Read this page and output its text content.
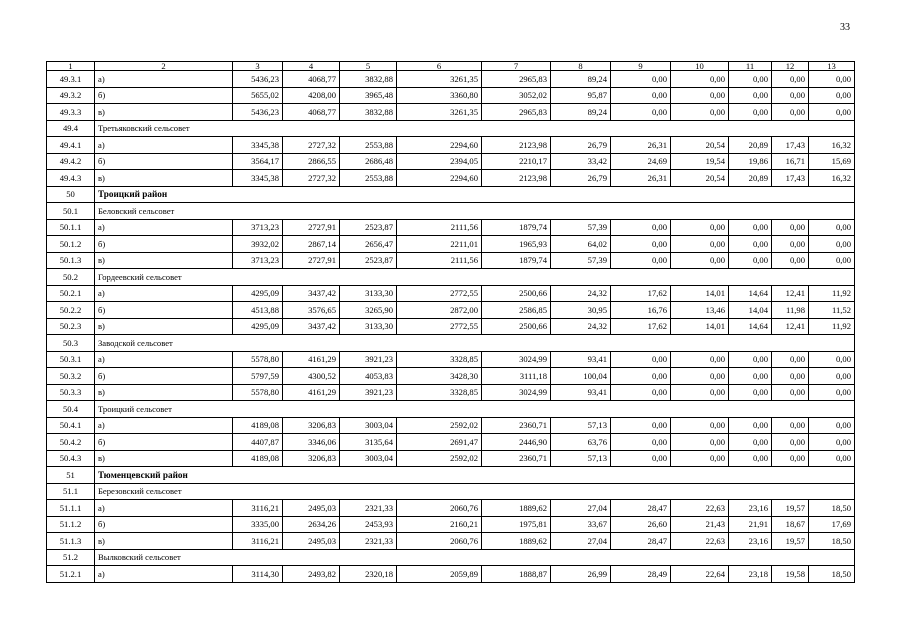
33
1	2	3	4	5	6	7	8	9	10	11	12	13
49.3.1	а)	5436,23	4068,77	3832,88	3261,35	2965,83	89,24	0,00	0,00	0,00	0,00	0,00
49.3.2	б)	5655,02	4208,00	3965,48	3360,80	3052,02	95,87	0,00	0,00	0,00	0,00	0,00
49.3.3	в)	5436,23	4068,77	3832,88	3261,35	2965,83	89,24	0,00	0,00	0,00	0,00	0,00
49.4	Третьяковский сельсовет											
49.4.1	а)	3345,38	2727,32	2553,88	2294,60	2123,98	26,79	26,31	20,54	20,89	17,43	16,32
49.4.2	б)	3564,17	2866,55	2686,48	2394,05	2210,17	33,42	24,69	19,54	19,86	16,71	15,69
49.4.3	в)	3345,38	2727,32	2553,88	2294,60	2123,98	26,79	26,31	20,54	20,89	17,43	16,32
50	Троицкий район											
50.1	Беловский сельсовет											
50.1.1	а)	3713,23	2727,91	2523,87	2111,56	1879,74	57,39	0,00	0,00	0,00	0,00	0,00
50.1.2	б)	3932,02	2867,14	2656,47	2211,01	1965,93	64,02	0,00	0,00	0,00	0,00	0,00
50.1.3	в)	3713,23	2727,91	2523,87	2111,56	1879,74	57,39	0,00	0,00	0,00	0,00	0,00
50.2	Гордеевский сельсовет											
50.2.1	а)	4295,09	3437,42	3133,30	2772,55	2500,66	24,32	17,62	14,01	14,64	12,41	11,92
50.2.2	б)	4513,88	3576,65	3265,90	2872,00	2586,85	30,95	16,76	13,46	14,04	11,98	11,52
50.2.3	в)	4295,09	3437,42	3133,30	2772,55	2500,66	24,32	17,62	14,01	14,64	12,41	11,92
50.3	Заводской сельсовет											
50.3.1	а)	5578,80	4161,29	3921,23	3328,85	3024,99	93,41	0,00	0,00	0,00	0,00	0,00
50.3.2	б)	5797,59	4300,52	4053,83	3428,30	3111,18	100,04	0,00	0,00	0,00	0,00	0,00
50.3.3	в)	5578,80	4161,29	3921,23	3328,85	3024,99	93,41	0,00	0,00	0,00	0,00	0,00
50.4	Троицкий сельсовет											
50.4.1	а)	4189,08	3206,83	3003,04	2592,02	2360,71	57,13	0,00	0,00	0,00	0,00	0,00
50.4.2	б)	4407,87	3346,06	3135,64	2691,47	2446,90	63,76	0,00	0,00	0,00	0,00	0,00
50.4.3	в)	4189,08	3206,83	3003,04	2592,02	2360,71	57,13	0,00	0,00	0,00	0,00	0,00
51	Тюменцевский район											
51.1	Березовский сельсовет											
51.1.1	а)	3116,21	2495,03	2321,33	2060,76	1889,62	27,04	28,47	22,63	23,16	19,57	18,50
51.1.2	б)	3335,00	2634,26	2453,93	2160,21	1975,81	33,67	26,60	21,43	21,91	18,67	17,69
51.1.3	в)	3116,21	2495,03	2321,33	2060,76	1889,62	27,04	28,47	22,63	23,16	19,57	18,50
51.2	Вылковский сельсовет											
51.2.1	а)	3114,30	2493,82	2320,18	2059,89	1888,87	26,99	28,49	22,64	23,18	19,58	18,50
